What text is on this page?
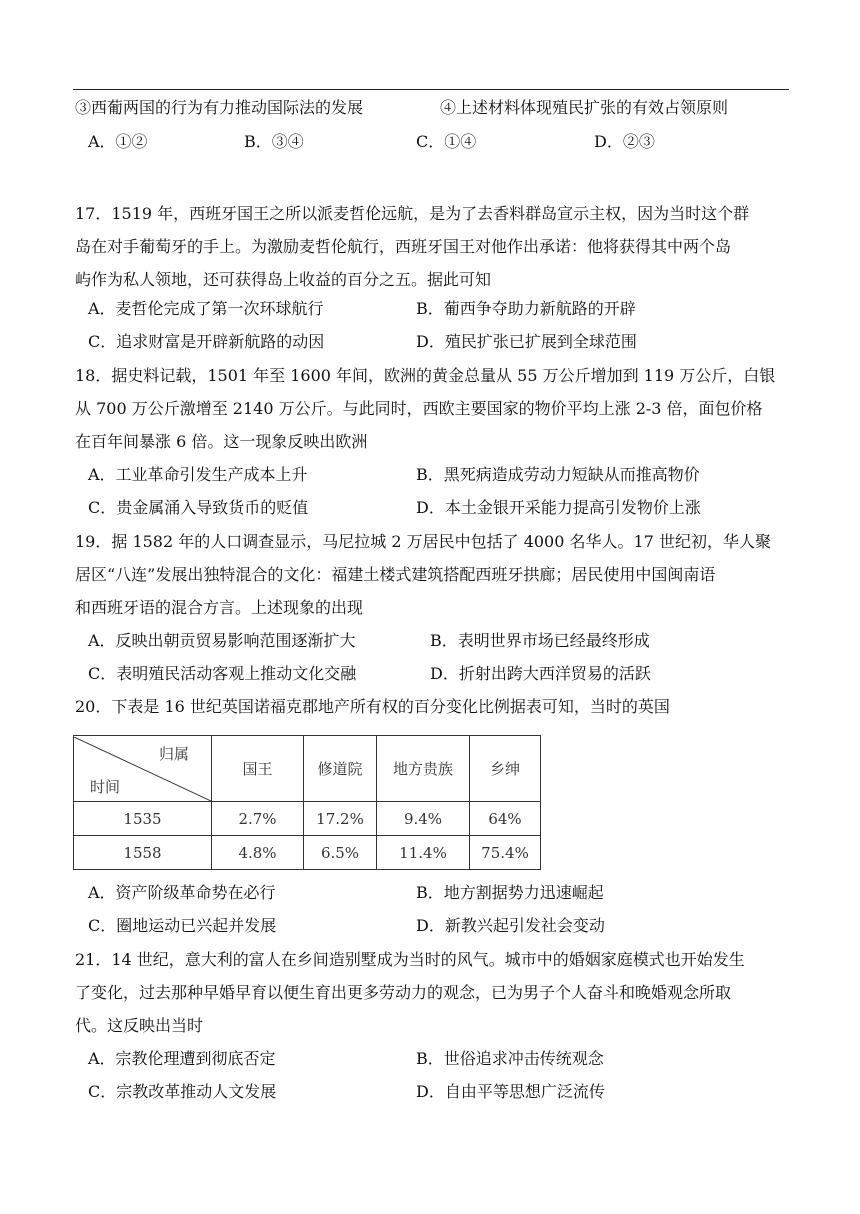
③西葡两国的行为有力推动国际法的发展	④上述材料体现殖民扩张的有效占领原则
A．①②	B．③④	C．①④	D．②③
17．1519 年，西班牙国王之所以派麦哲伦远航，是为了去香料群岛宣示主权，因为当时这个群
岛在对手葡萄牙的手上。为激励麦哲伦航行，西班牙国王对他作出承诺：他将获得其中两个岛
屿作为私人领地，还可获得岛上收益的百分之五。据此可知
A．麦哲伦完成了第一次环球航行	B．葡西争夺助力新航路的开辟
C．追求财富是开辟新航路的动因	D．殖民扩张已扩展到全球范围
18．据史料记载，1501 年至 1600 年间，欧洲的黄金总量从 55 万公斤增加到 119 万公斤，白银
从 700 万公斤激增至 2140 万公斤。与此同时，西欧主要国家的物价平均上涨 2-3 倍，面包价格
在百年间暴涨 6 倍。这一现象反映出欧洲
A．工业革命引发生产成本上升	B．黑死病造成劳动力短缺从而推高物价
C．贵金属涌入导致货币的贬值	D．本土金银开采能力提高引发物价上涨
19．据 1582 年的人口调查显示，马尼拉城 2 万居民中包括了 4000 名华人。17 世纪初，华人聚
居区“八连”发展出独特混合的文化：福建土楼式建筑搭配西班牙拱廊；居民使用中国闽南语
和西班牙语的混合方言。上述现象的出现
A．反映出朝贡贸易影响范围逐渐扩大	B．表明世界市场已经最终形成
C．表明殖民活动客观上推动文化交融	D．折射出跨大西洋贸易的活跃
20．下表是 16 世纪英国诺福克郡地产所有权的百分变化比例据表可知，当时的英国
归属
时间	国王	修道院	地方贵族	乡绅
1535	2.7%	17.2%	9.4%	64%
1558	4.8%	6.5%	11.4%	75.4%
A．资产阶级革命势在必行	B．地方割据势力迅速崛起
C．圈地运动已兴起并发展	D．新教兴起引发社会变动
21．14 世纪，意大利的富人在乡间造别墅成为当时的风气。城市中的婚姻家庭模式也开始发生
了变化，过去那种早婚早育以便生育出更多劳动力的观念，已为男子个人奋斗和晚婚观念所取
代。这反映出当时
A．宗教伦理遭到彻底否定	B．世俗追求冲击传统观念
C．宗教改革推动人文发展	D．自由平等思想广泛流传
